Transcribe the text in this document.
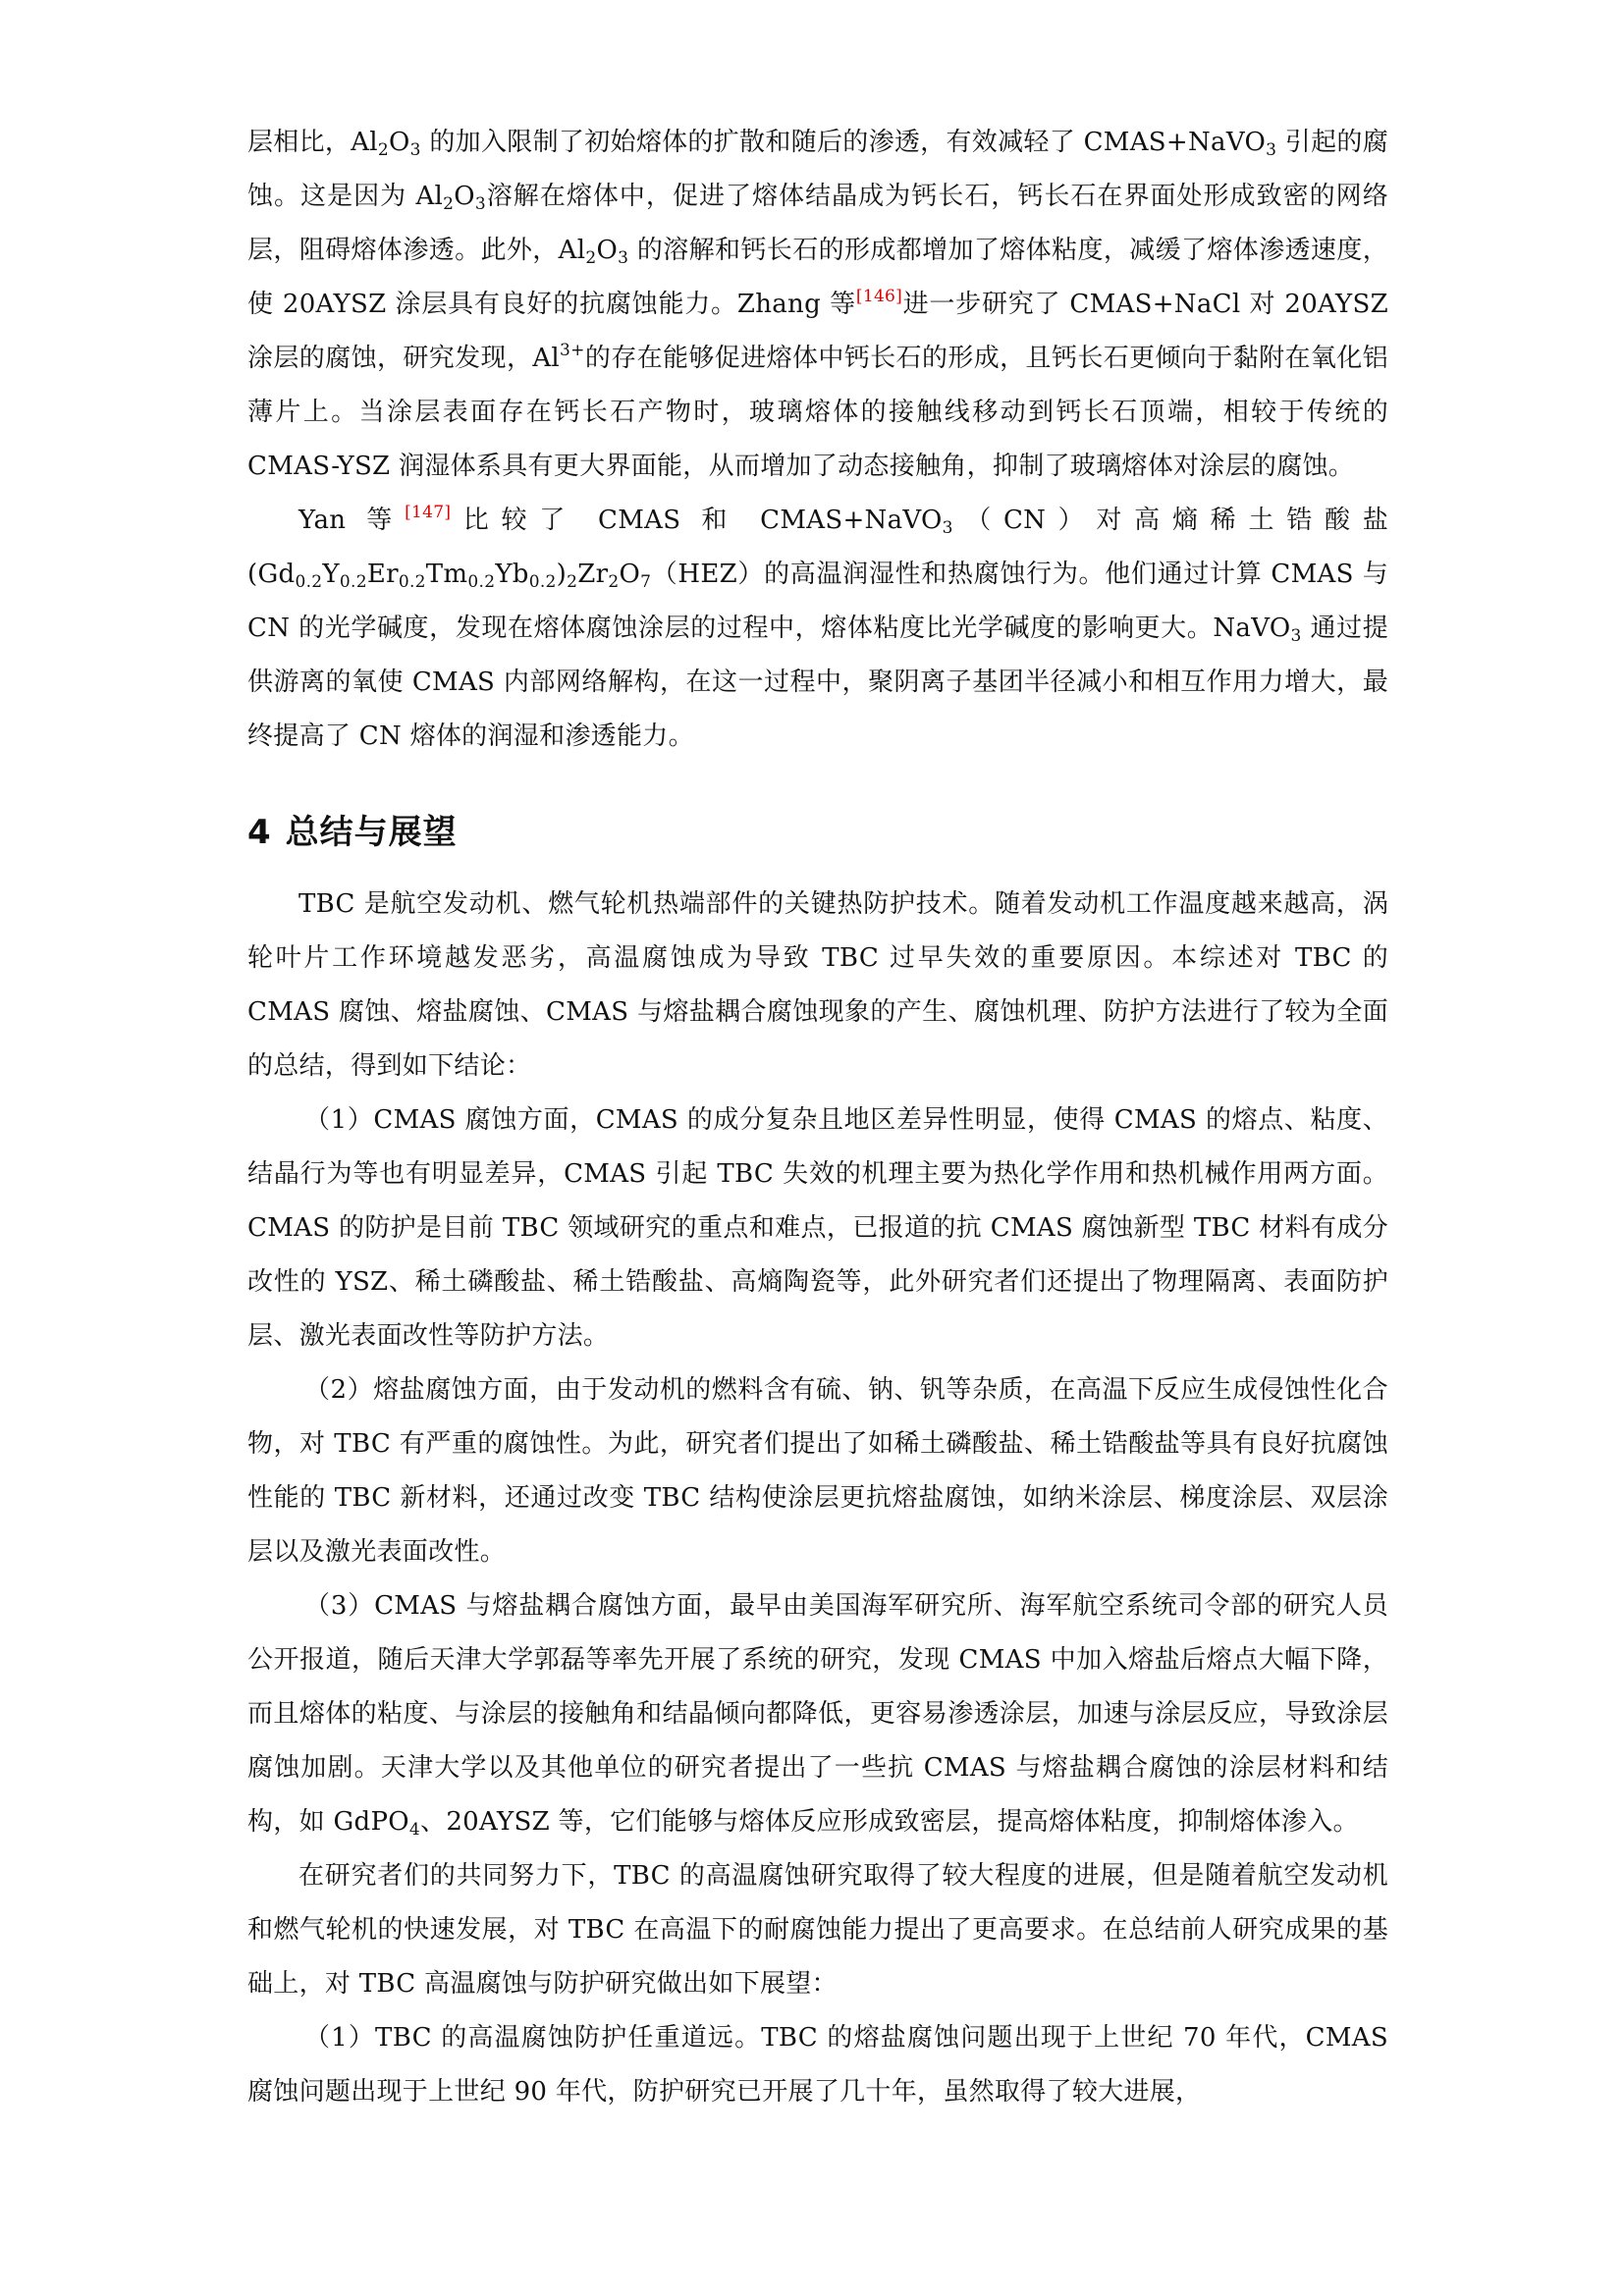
层相比，$Al_2O_3$ 的加入限制了初始熔体的扩散和随后的渗透，有效减轻了 CMAS+NaVO$_3$ 引起的腐蚀。这是因为 $Al_2O_3$溶解在熔体中，促进了熔体结晶成为钙长石，钙长石在界面处形成致密的网络层，阻碍熔体渗透。此外，$Al_2O_3$ 的溶解和钙长石的形成都增加了熔体粘度，减缓了熔体渗透速度，使 20AYSZ 涂层具有良好的抗腐蚀能力。Zhang 等[146]进一步研究了 CMAS+NaCl 对 20AYSZ 涂层的腐蚀，研究发现，$Al^{3+}$的存在能够促进熔体中钙长石的形成，且钙长石更倾向于黏附在氧化铝薄片上。当涂层表面存在钙长石产物时，玻璃熔体的接触线移动到钙长石顶端，相较于传统的 CMAS-YSZ 润湿体系具有更大界面能，从而增加了动态接触角，抑制了玻璃熔体对涂层的腐蚀。

Yan 等[147]比较了 CMAS 和 CMAS+NaVO$_3$（CN）对高熵稀土锆酸盐 $(Gd_{0.2}Y_{0.2}Er_{0.2}Tm_{0.2}Yb_{0.2})_2Zr_2O_7(HEZ)$的高温润湿性和热腐蚀行为。他们通过计算 CMAS 与 CN 的光学碱度，发现在熔体腐蚀涂层的过程中，熔体粘度比光学碱度的影响更大。NaVO$_3$ 通过提供游离的氧使 CMAS 内部网络解构，在这一过程中，聚阴离子基团半径减小和相互作用力增大，最终提高了 CN 熔体的润湿和渗透能力。

4 总结与展望

TBC 是航空发动机、燃气轮机热端部件的关键热防护技术。随着发动机工作温度越来越高，涡轮叶片工作环境越发恶劣，高温腐蚀成为导致 TBC 过早失效的重要原因。本综述对 TBC 的 CMAS 腐蚀、熔盐腐蚀、CMAS 与熔盐耦合腐蚀现象的产生、腐蚀机理、防护方法进行了较为全面的总结，得到如下结论：

（1）CMAS 腐蚀方面，CMAS 的成分复杂且地区差异性明显，使得 CMAS 的熔点、粘度、结晶行为等也有明显差异，CMAS 引起 TBC 失效的机理主要为热化学作用和热机械作用两方面。CMAS 的防护是目前 TBC 领域研究的重点和难点，已报道的抗 CMAS 腐蚀新型 TBC 材料有成分改性的 YSZ、稀土磷酸盐、稀土锆酸盐、高熵陶瓷等，此外研究者们还提出了物理隔离、表面防护层、激光表面改性等防护方法。

（2）熔盐腐蚀方面，由于发动机的燃料含有硫、钠、钒等杂质，在高温下反应生成侵蚀性化合物，对 TBC 有严重的腐蚀性。为此，研究者们提出了如稀土磷酸盐、稀土锆酸盐等具有良好抗腐蚀性能的 TBC 新材料，还通过改变 TBC 结构使涂层更抗熔盐腐蚀，如纳米涂层、梯度涂层、双层涂层以及激光表面改性。

（3）CMAS 与熔盐耦合腐蚀方面，最早由美国海军研究所、海军航空系统司令部的研究人员公开报道，随后天津大学郭磊等率先开展了系统的研究，发现 CMAS 中加入熔盐后熔点大幅下降，而且熔体的粘度、与涂层的接触角和结晶倾向都降低，更容易渗透涂层，加速与涂层反应，导致涂层腐蚀加剧。天津大学以及其他单位的研究者提出了一些抗 CMAS 与熔盐耦合腐蚀的涂层材料和结构，如 GdPO$_4$、20AYSZ 等，它们能够与熔体反应形成致密层，提高熔体粘度，抑制熔体渗入。

在研究者们的共同努力下，TBC 的高温腐蚀研究取得了较大程度的进展，但是随着航空发动机和燃气轮机的快速发展，对 TBC 在高温下的耐腐蚀能力提出了更高要求。在总结前人研究成果的基础上，对 TBC 高温腐蚀与防护研究做出如下展望：

（1）TBC 的高温腐蚀防护任重道远。TBC 的熔盐腐蚀问题出现于上世纪 70 年代，CMAS 腐蚀问题出现于上世纪 90 年代，防护研究已开展了几十年，虽然取得了较大进展，
